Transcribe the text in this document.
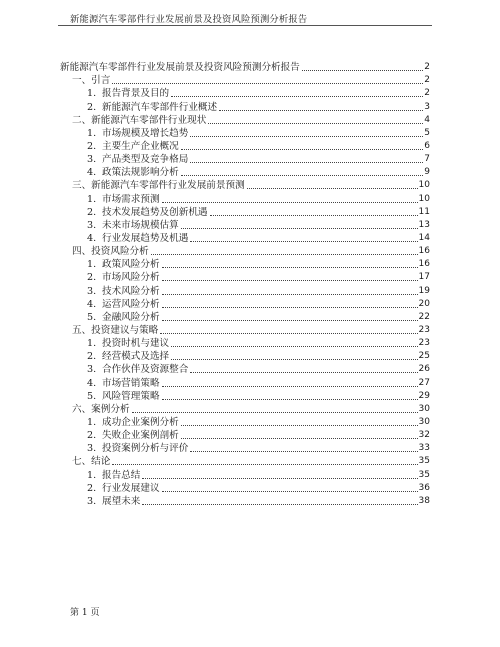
新能源汽车零部件行业发展前景及投资风险预测分析报告
新能源汽车零部件行业发展前景及投资风险预测分析报告	2
一、引言	2
1. 报告背景及目的	2
2. 新能源汽车零部件行业概述	3
二、新能源汽车零部件行业现状	4
1. 市场规模及增长趋势	5
2. 主要生产企业概况	6
3. 产品类型及竞争格局	7
4. 政策法规影响分析	9
三、新能源汽车零部件行业发展前景预测	10
1. 市场需求预测	10
2. 技术发展趋势及创新机遇	11
3. 未来市场规模估算	13
4. 行业发展趋势及机遇	14
四、投资风险分析	16
1. 政策风险分析	16
2. 市场风险分析	17
3. 技术风险分析	19
4. 运营风险分析	20
5. 金融风险分析	22
五、投资建议与策略	23
1. 投资时机与建议	23
2. 经营模式及选择	25
3. 合作伙伴及资源整合	26
4. 市场营销策略	27
5. 风险管理策略	29
六、案例分析	30
1. 成功企业案例分析	30
2. 失败企业案例剖析	32
3. 投资案例分析与评价	33
七、结论	35
1. 报告总结	35
2. 行业发展建议	36
3. 展望未来	38
第 1 页
